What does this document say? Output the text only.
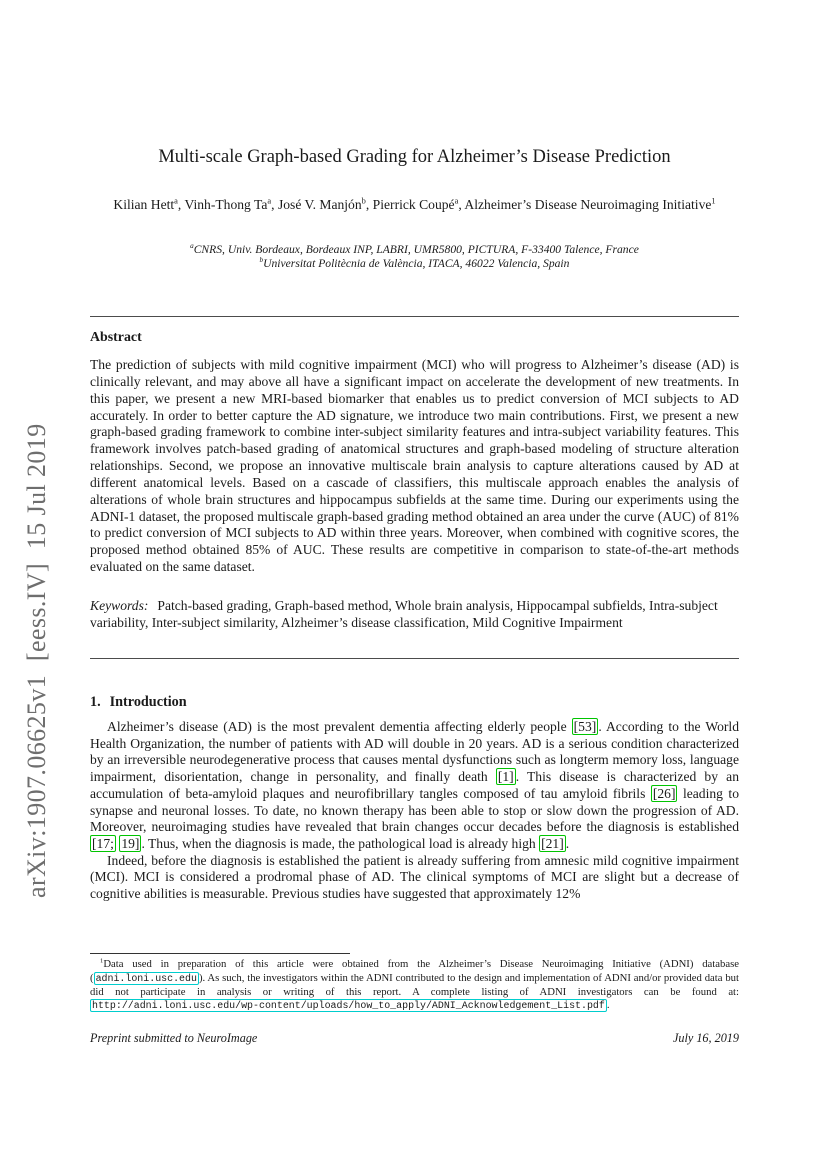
arXiv:1907.06625v1  [eess.IV]  15 Jul 2019
Multi-scale Graph-based Grading for Alzheimer’s Disease Prediction
Kilian Hett$^a$, Vinh-Thong Ta$^a$, José V. Manjón$^b$, Pierrick Coupé$^a$, Alzheimer’s Disease Neuroimaging Initiative$^1$
$^a$CNRS, Univ. Bordeaux, Bordeaux INP, LABRI, UMR5800, PICTURA, F-33400 Talence, France
$^b$Universitat Politècnia de València, ITACA, 46022 Valencia, Spain
Abstract
The prediction of subjects with mild cognitive impairment (MCI) who will progress to Alzheimer’s disease (AD) is clinically relevant, and may above all have a significant impact on accelerate the development of new treatments. In this paper, we present a new MRI-based biomarker that enables us to predict conversion of MCI subjects to AD accurately. In order to better capture the AD signature, we introduce two main contributions. First, we present a new graph-based grading framework to combine inter-subject similarity features and intra-subject variability features. This framework involves patch-based grading of anatomical structures and graph-based modeling of structure alteration relationships. Second, we propose an innovative multiscale brain analysis to capture alterations caused by AD at different anatomical levels. Based on a cascade of classifiers, this multiscale approach enables the analysis of alterations of whole brain structures and hippocampus subfields at the same time. During our experiments using the ADNI-1 dataset, the proposed multiscale graph-based grading method obtained an area under the curve (AUC) of 81% to predict conversion of MCI subjects to AD within three years. Moreover, when combined with cognitive scores, the proposed method obtained 85% of AUC. These results are competitive in comparison to state-of-the-art methods evaluated on the same dataset.
Keywords: Patch-based grading, Graph-based method, Whole brain analysis, Hippocampal subfields, Intra-subject variability, Inter-subject similarity, Alzheimer’s disease classification, Mild Cognitive Impairment
1. Introduction

Alzheimer’s disease (AD) is the most prevalent dementia affecting elderly people [53] . According to the World Health Organization, the number of patients with AD will double in 20 years. AD is a serious condition characterized by an irreversible neurodegenerative process that causes mental dysfunctions such as longterm memory loss, language impairment, disorientation, change in personality, and finally death [1] . This disease is characterized by an accumulation of beta-amyloid plaques and neurofibrillary tangles composed of tau amyloid fibrils [26] leading to synapse and neuronal losses. To date, no known therapy has been able to stop or slow down the progression of AD. Moreover, neuroimaging studies have revealed that brain changes occur decades before the diagnosis is established [17; 19] . Thus, when the diagnosis is made, the pathological load is already high [21] .

Indeed, before the diagnosis is established the patient is already suffering from amnesic mild cognitive impairment (MCI). MCI is considered a prodromal phase of AD. The clinical symptoms of MCI are slight but a decrease of cognitive abilities is measurable. Previous studies have suggested that approximately 12%

$^1$Data used in preparation of this article were obtained from the Alzheimer’s Disease Neuroimaging Initiative (ADNI) database ( adni.loni.usc.edu ). As such, the investigators within the ADNI contributed to the design and implementation of ADNI and/or provided data but did not participate in analysis or writing of this report. A complete listing of ADNI investigators can be found at: http://adni.loni.usc.edu/wp-content/uploads/how_to_apply/ADNI_Acknowledgement_List.pdf .
Preprint submitted to NeuroImage	July 16, 2019
